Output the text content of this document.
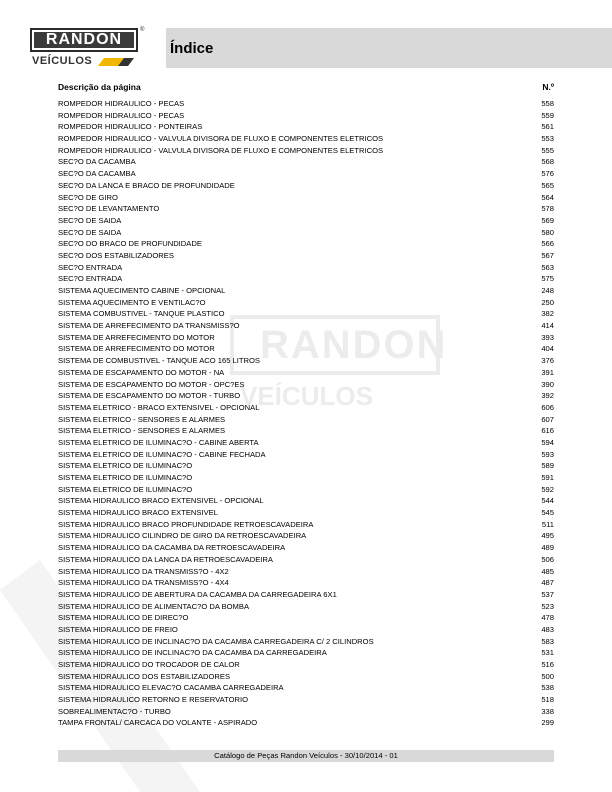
RANDON
®
VEÍCULOS
Índice
RANDON
VEÍCULOS
Descrição da página	N.º
ROMPEDOR HIDRAULICO - PECAS	558
ROMPEDOR HIDRAULICO - PECAS	559
ROMPEDOR HIDRAULICO - PONTEIRAS	561
ROMPEDOR HIDRAULICO - VALVULA DIVISORA DE FLUXO E COMPONENTES ELETRICOS	553
ROMPEDOR HIDRAULICO - VALVULA DIVISORA DE FLUXO E COMPONENTES ELETRICOS	555
SEC?O DA CACAMBA	568
SEC?O DA CACAMBA	576
SEC?O DA LANCA E BRACO DE PROFUNDIDADE	565
SEC?O DE GIRO	564
SEC?O DE LEVANTAMENTO	578
SEC?O DE SAIDA	569
SEC?O DE SAIDA	580
SEC?O DO BRACO DE PROFUNDIDADE	566
SEC?O DOS ESTABILIZADORES	567
SEC?O ENTRADA	563
SEC?O ENTRADA	575
SISTEMA AQUECIMENTO CABINE - OPCIONAL	248
SISTEMA AQUECIMENTO E VENTILAC?O	250
SISTEMA COMBUSTIVEL - TANQUE PLASTICO	382
SISTEMA DE ARREFECIMENTO DA TRANSMISS?O	414
SISTEMA DE ARREFECIMENTO DO MOTOR	393
SISTEMA DE ARREFECIMENTO DO MOTOR	404
SISTEMA DE COMBUSTIVEL - TANQUE ACO 165 LITROS	376
SISTEMA DE ESCAPAMENTO DO MOTOR - NA	391
SISTEMA DE ESCAPAMENTO DO MOTOR - OPC?ES	390
SISTEMA DE ESCAPAMENTO DO MOTOR - TURBO	392
SISTEMA ELETRICO - BRACO EXTENSIVEL - OPCIONAL	606
SISTEMA ELETRICO - SENSORES E ALARMES	607
SISTEMA ELETRICO - SENSORES E ALARMES	616
SISTEMA ELETRICO DE ILUMINAC?O - CABINE ABERTA	594
SISTEMA ELETRICO DE ILUMINAC?O - CABINE FECHADA	593
SISTEMA ELETRICO DE ILUMINAC?O	589
SISTEMA ELETRICO DE ILUMINAC?O	591
SISTEMA ELETRICO DE ILUMINAC?O	592
SISTEMA HIDRAULICO BRACO EXTENSIVEL - OPCIONAL	544
SISTEMA HIDRAULICO BRACO EXTENSIVEL	545
SISTEMA HIDRAULICO BRACO PROFUNDIDADE RETROESCAVADEIRA	511
SISTEMA HIDRAULICO CILINDRO DE GIRO DA RETROESCAVADEIRA	495
SISTEMA HIDRAULICO DA CACAMBA DA RETROESCAVADEIRA	489
SISTEMA HIDRAULICO DA LANCA DA RETROESCAVADEIRA	506
SISTEMA HIDRAULICO DA TRANSMISS?O - 4X2	485
SISTEMA HIDRAULICO DA TRANSMISS?O - 4X4	487
SISTEMA HIDRAULICO DE ABERTURA DA CACAMBA DA CARREGADEIRA 6X1	537
SISTEMA HIDRAULICO DE ALIMENTAC?O DA BOMBA	523
SISTEMA HIDRAULICO DE DIREC?O	478
SISTEMA HIDRAULICO DE FREIO	483
SISTEMA HIDRAULICO DE INCLINAC?O DA CACAMBA CARREGADEIRA C/ 2 CILINDROS	583
SISTEMA HIDRAULICO DE INCLINAC?O DA CACAMBA DA CARREGADEIRA	531
SISTEMA HIDRAULICO DO TROCADOR DE CALOR	516
SISTEMA HIDRAULICO DOS ESTABILIZADORES	500
SISTEMA HIDRAULICO ELEVAC?O CACAMBA CARREGADEIRA	538
SISTEMA HIDRAULICO RETORNO E RESERVATORIO	518
SOBREALIMENTAC?O - TURBO	338
TAMPA FRONTAL/ CARCACA DO VOLANTE - ASPIRADO	299
Catálogo de Peças Randon Veículos - 30/10/2014 - 01
